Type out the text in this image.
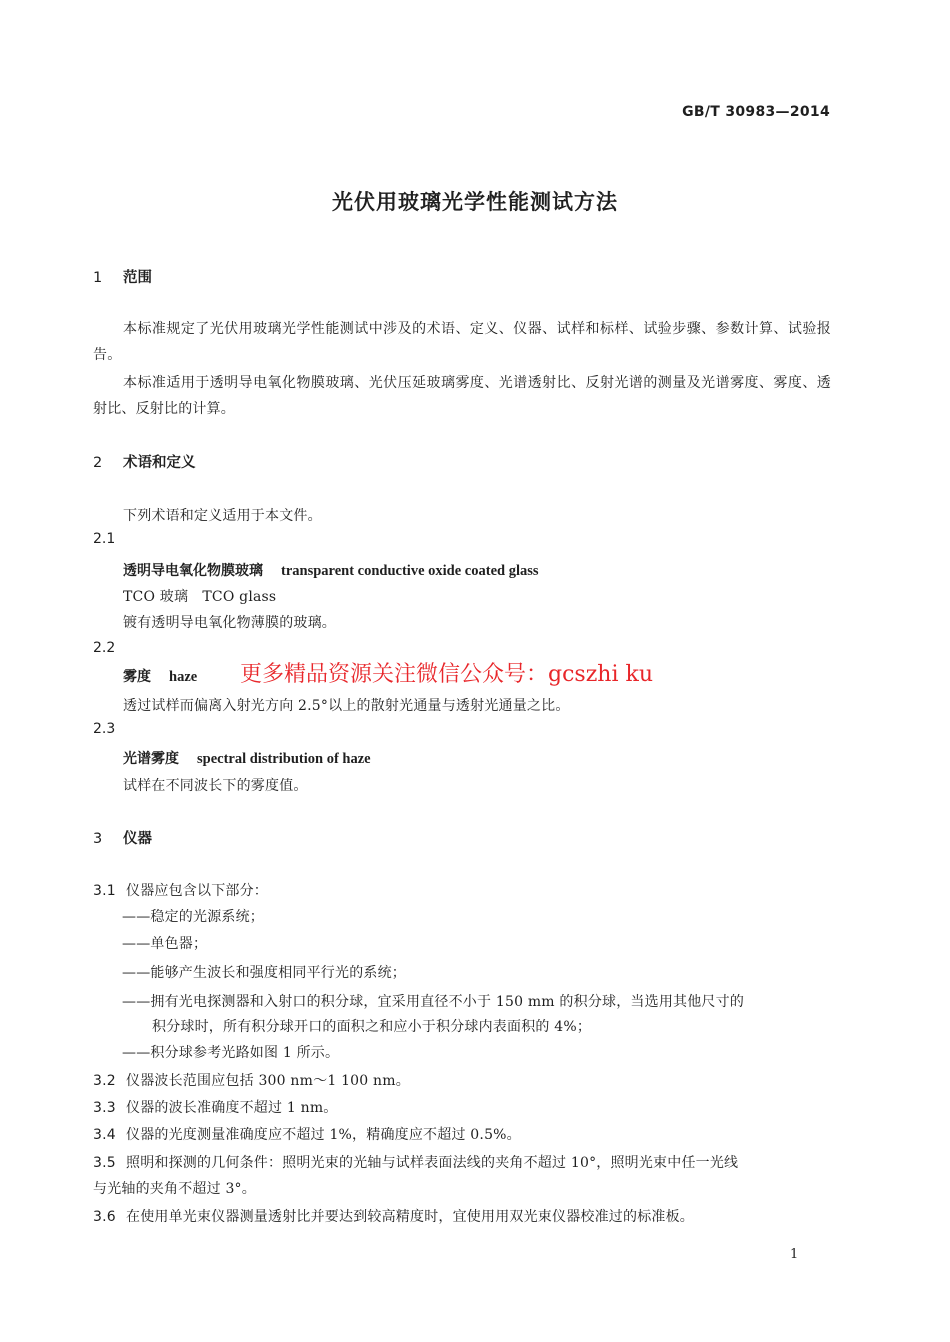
GB/T 30983—2014
光伏用玻璃光学性能测试方法
1 范围
本标准规定了光伏用玻璃光学性能测试中涉及的术语、定义、仪器、试样和标样、试验步骤、参数计算、试验报告。
本标准适用于透明导电氧化物膜玻璃、光伏压延玻璃雾度、光谱透射比、反射光谱的测量及光谱雾度、雾度、透射比、反射比的计算。
2 术语和定义
下列术语和定义适用于本文件。
2.1
透明导电氧化物膜玻璃 transparent conductive oxide coated glass
TCO 玻璃　TCO glass
镀有透明导电氧化物薄膜的玻璃。
2.2
雾度 haze 更多精品资源关注微信公众号：gcszhi ku
透过试样而偏离入射光方向 2.5°以上的散射光通量与透射光通量之比。
2.3
光谱雾度 spectral distribution of haze
试样在不同波长下的雾度值。
3 仪器
3.1 仪器应包含以下部分：
——稳定的光源系统；
——单色器；
——能够产生波长和强度相同平行光的系统；
——拥有光电探测器和入射口的积分球，宜采用直径不小于 150 mm 的积分球，当选用其他尺寸的
积分球时，所有积分球开口的面积之和应小于积分球内表面积的 4%；
——积分球参考光路如图 1 所示。
3.2 仪器波长范围应包括 300 nm～1 100 nm。
3.3 仪器的波长准确度不超过 1 nm。
3.4 仪器的光度测量准确度应不超过 1%，精确度应不超过 0.5%。
3.5 照明和探测的几何条件：照明光束的光轴与试样表面法线的夹角不超过 10°，照明光束中任一光线
与光轴的夹角不超过 3°。
3.6 在使用单光束仪器测量透射比并要达到较高精度时，宜使用用双光束仪器校准过的标准板。
1
